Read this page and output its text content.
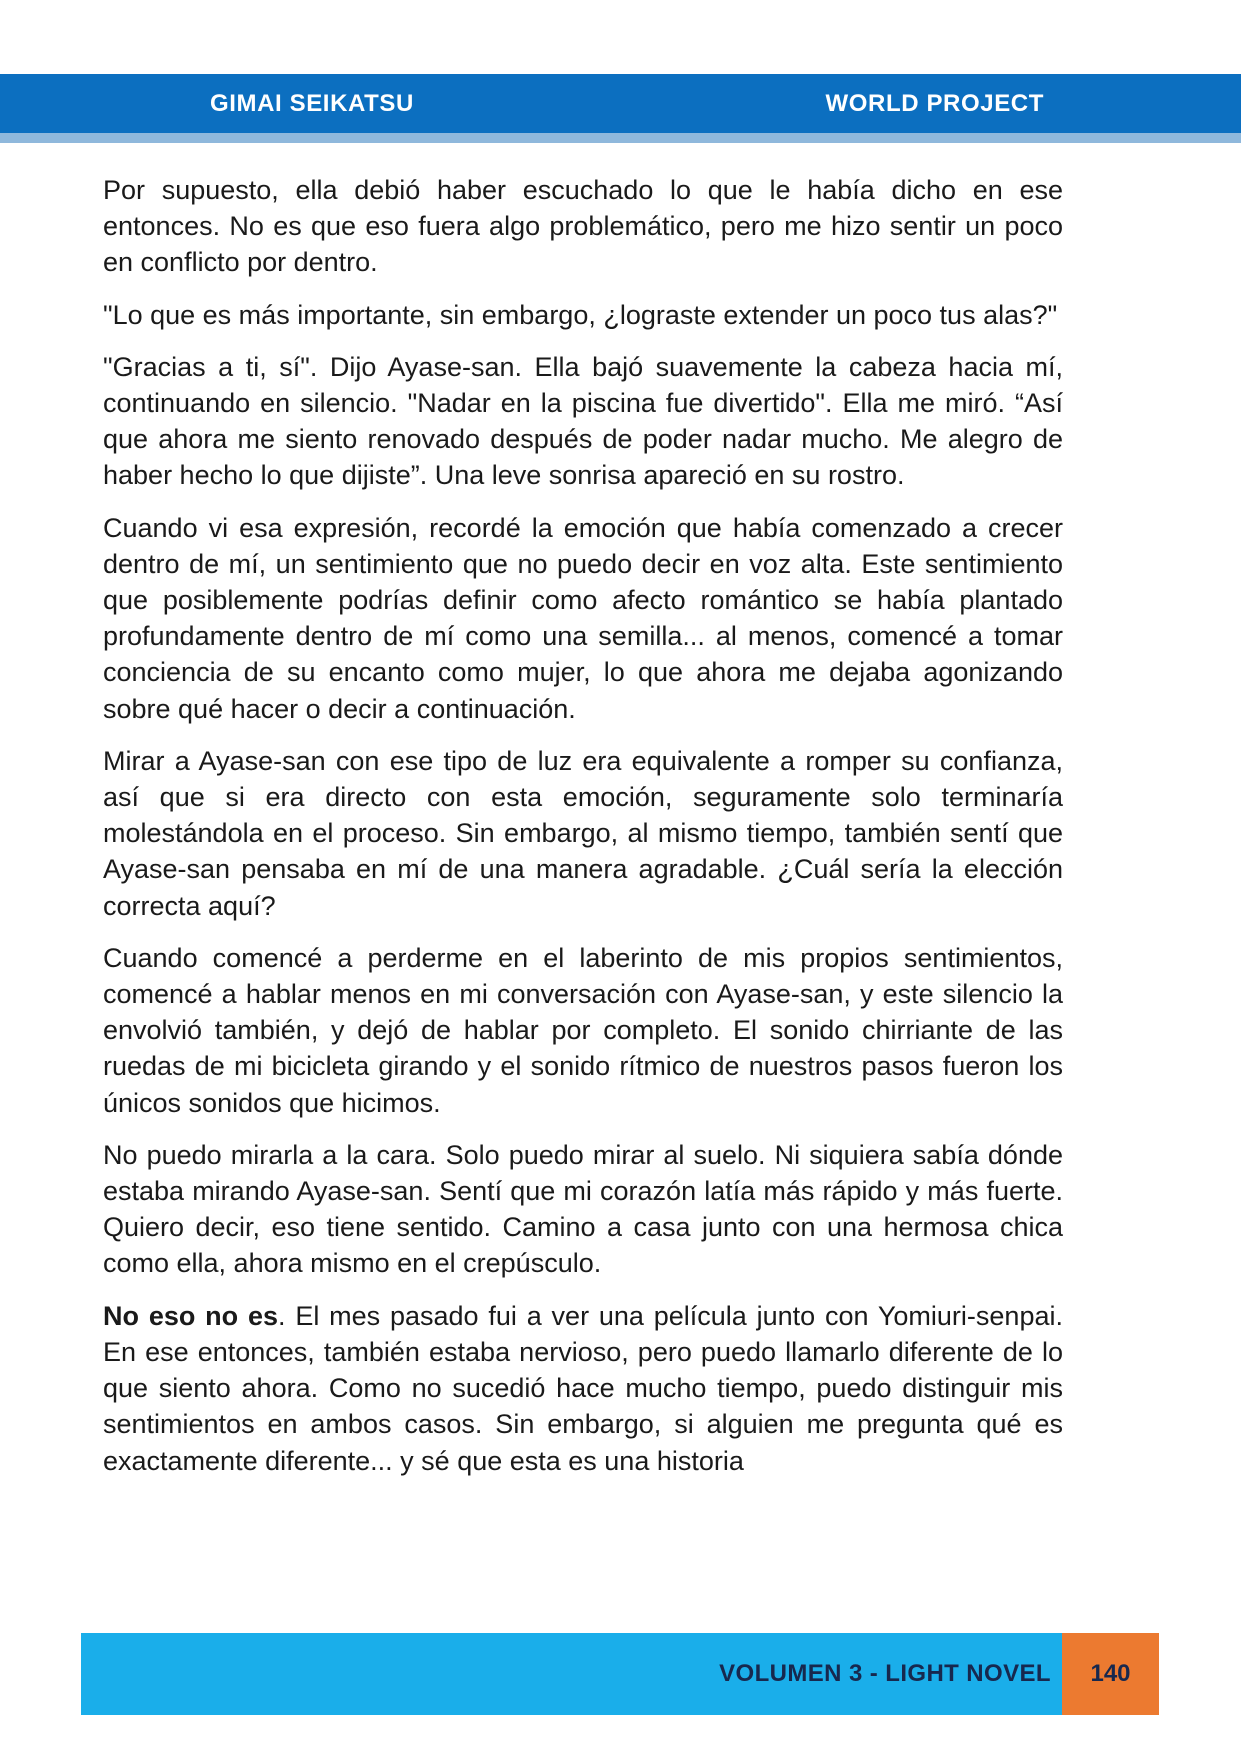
GIMAI SEIKATSU	WORLD PROJECT

Por supuesto, ella debió haber escuchado lo que le había dicho en ese entonces. No es que eso fuera algo problemático, pero me hizo sentir un poco en conflicto por dentro.

"Lo que es más importante, sin embargo, ¿lograste extender un poco tus alas?"

"Gracias a ti, sí". Dijo Ayase-san. Ella bajó suavemente la cabeza hacia mí, continuando en silencio. "Nadar en la piscina fue divertido". Ella me miró. “Así que ahora me siento renovado después de poder nadar mucho. Me alegro de haber hecho lo que dijiste”. Una leve sonrisa apareció en su rostro.

Cuando vi esa expresión, recordé la emoción que había comenzado a crecer dentro de mí, un sentimiento que no puedo decir en voz alta. Este sentimiento que posiblemente podrías definir como afecto romántico se había plantado profundamente dentro de mí como una semilla... al menos, comencé a tomar conciencia de su encanto como mujer, lo que ahora me dejaba agonizando sobre qué hacer o decir a continuación.

Mirar a Ayase-san con ese tipo de luz era equivalente a romper su confianza, así que si era directo con esta emoción, seguramente solo terminaría molestándola en el proceso. Sin embargo, al mismo tiempo, también sentí que Ayase-san pensaba en mí de una manera agradable. ¿Cuál sería la elección correcta aquí?

Cuando comencé a perderme en el laberinto de mis propios sentimientos, comencé a hablar menos en mi conversación con Ayase-san, y este silencio la envolvió también, y dejó de hablar por completo. El sonido chirriante de las ruedas de mi bicicleta girando y el sonido rítmico de nuestros pasos fueron los únicos sonidos que hicimos.

No puedo mirarla a la cara. Solo puedo mirar al suelo. Ni siquiera sabía dónde estaba mirando Ayase-san. Sentí que mi corazón latía más rápido y más fuerte. Quiero decir, eso tiene sentido. Camino a casa junto con una hermosa chica como ella, ahora mismo en el crepúsculo.

No eso no es. El mes pasado fui a ver una película junto con Yomiuri-senpai. En ese entonces, también estaba nervioso, pero puedo llamarlo diferente de lo que siento ahora. Como no sucedió hace mucho tiempo, puedo distinguir mis sentimientos en ambos casos. Sin embargo, si alguien me pregunta qué es exactamente diferente... y sé que esta es una historia

VOLUMEN 3 - LIGHT NOVEL	140
